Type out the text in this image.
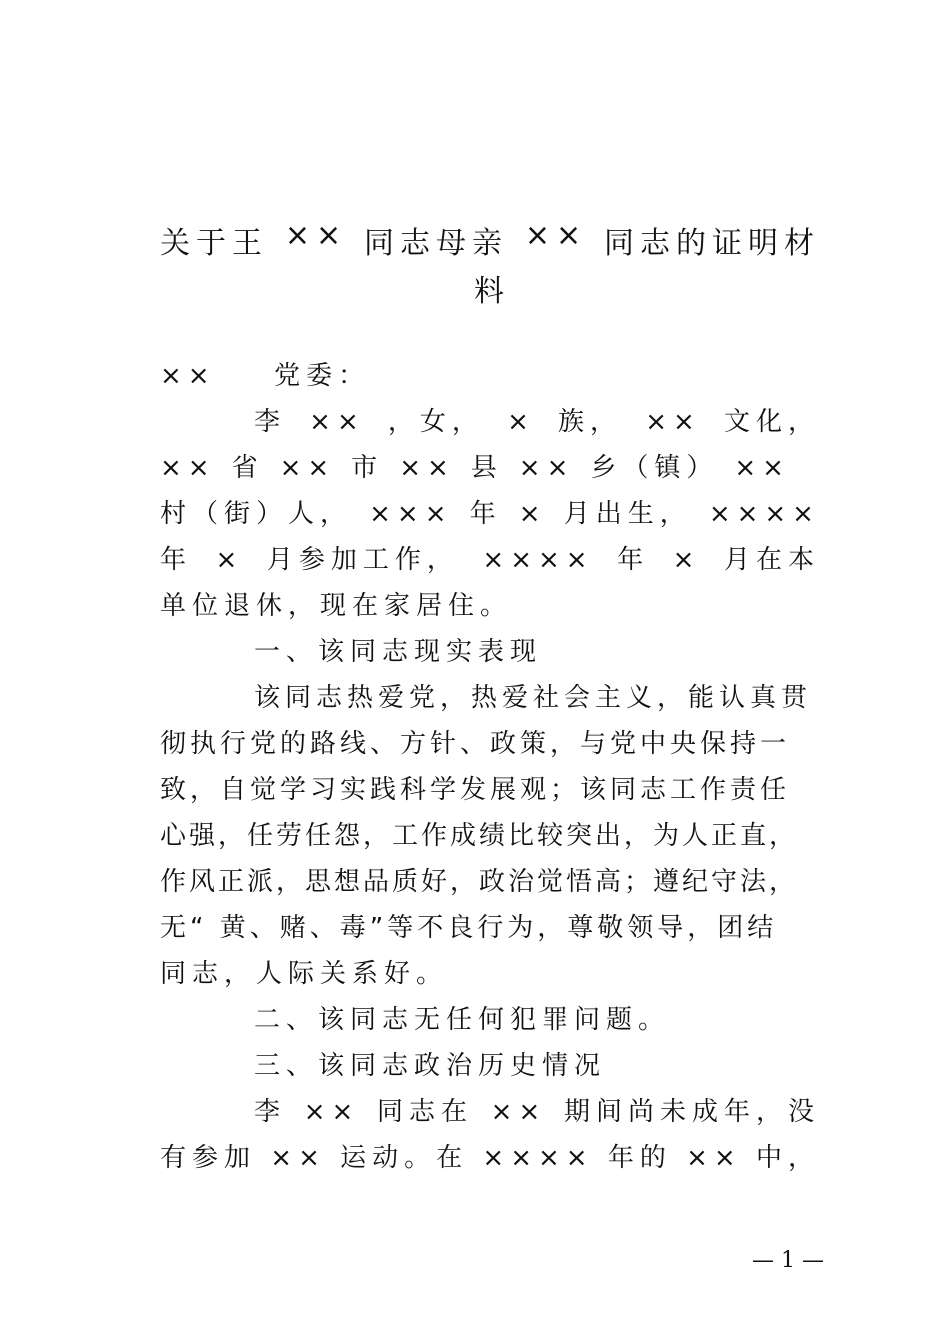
关于王 ×× 同志母亲 ×× 同志的证明材
料
×× 党委：
李 ×× ，女， × 族， ×× 文化，
×× 省 ×× 市 ×× 县 ×× 乡（镇） ××
村（街）人， ××× 年 × 月出生， ××××
年 × 月参加工作， ×××× 年 × 月在本
单位退休，现在家居住。
一、该同志现实表现
该同志热爱党，热爱社会主义，能认真贯
彻执行党的路线、方针、政策，与党中央保持一
致，自觉学习实践科学发展观；该同志工作责任
心强，任劳任怨，工作成绩比较突出，为人正直，
作风正派，思想品质好，政治觉悟高；遵纪守法，
无“ 黄、赌、毒”等不良行为，尊敬领导，团结
同志，人际关系好。
二、该同志无任何犯罪问题。
三、该同志政治历史情况
李 ×× 同志在 ×× 期间尚未成年，没
有参加 ×× 运动。在 ×××× 年的 ×× 中，
— 1 —
